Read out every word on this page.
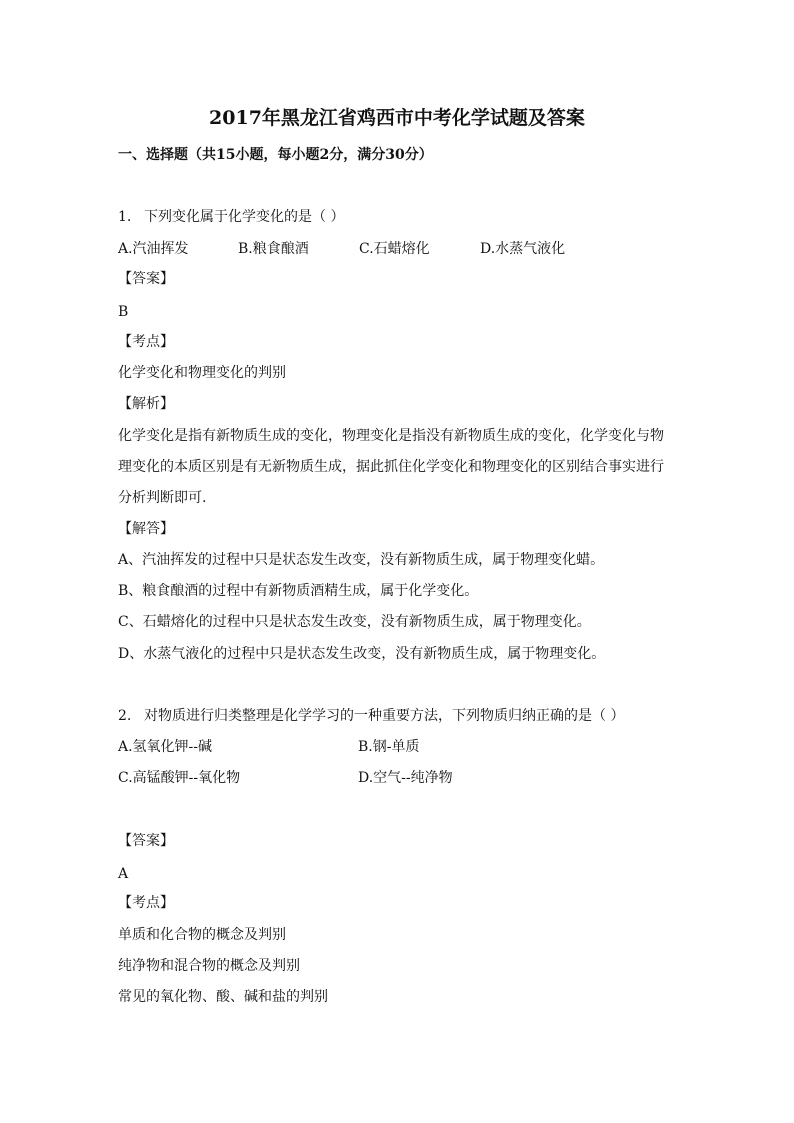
2017年黑龙江省鸡西市中考化学试题及答案
一、选择题（共15小题，每小题2分，满分30分）
1. 下列变化属于化学变化的是（ ）
A.汽油挥发	B.粮食酿酒	C.石蜡熔化	D.水蒸气液化
【答案】
B
【考点】
化学变化和物理变化的判别
【解析】
化学变化是指有新物质生成的变化，物理变化是指没有新物质生成的变化，化学变化与物
理变化的本质区别是有无新物质生成，据此抓住化学变化和物理变化的区别结合事实进行
分析判断即可.
【解答】
A、汽油挥发的过程中只是状态发生改变，没有新物质生成，属于物理变化蜡。
B、粮食酿酒的过程中有新物质酒精生成，属于化学变化。
C、石蜡熔化的过程中只是状态发生改变，没有新物质生成，属于物理变化。
D、水蒸气液化的过程中只是状态发生改变，没有新物质生成，属于物理变化。
2. 对物质进行归类整理是化学学习的一种重要方法，下列物质归纳正确的是（ ）
A.氢氧化钾--碱	B.钢-单质
C.高锰酸钾--氧化物	D.空气--纯净物
【答案】
A
【考点】
单质和化合物的概念及判别
纯净物和混合物的概念及判别
常见的氧化物、酸、碱和盐的判别
